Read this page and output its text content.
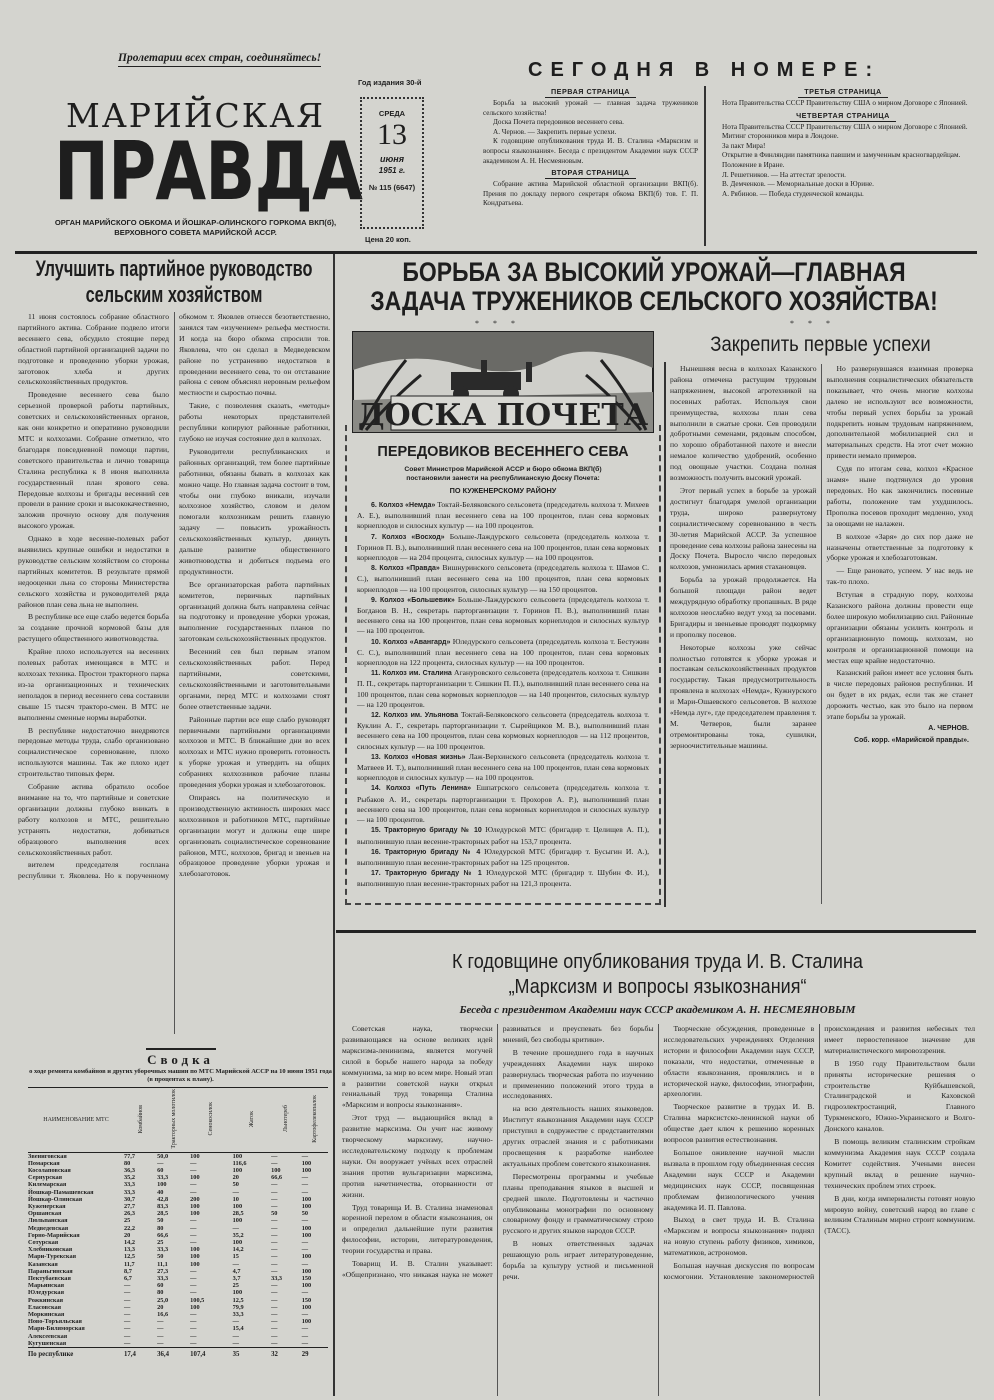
Пролетарии всех стран, соединяйтесь!
МАРИЙСКАЯ
ПРАВДА
ОРГАН МАРИЙСКОГО ОБКОМА И ЙОШКАР-ОЛИНСКОГО ГОРКОМА ВКП(б),
ВЕРХОВНОГО СОВЕТА МАРИЙСКОЙ АССР.
Год издания 30-й
СРЕДА
13
июня
1951 г.
№ 115 (6647)
Цена 20 коп.
СЕГОДНЯ В НОМЕРЕ:
ПЕРВАЯ СТРАНИЦА

Борьба за высокий урожай — главная задача тружеников сельского хозяйства!

Доска Почета передовиков весеннего сева.

А. Чернов. — Закрепить первые успехи.

К годовщине опубликования труда И. В. Сталина «Марксизм и вопросы языкознания». Беседа с президентом Академии наук СССР академиком А. Н. Несмеяновым.

ВТОРАЯ СТРАНИЦА

Собрание актива Марийской областной организации ВКП(б). Прения по докладу первого секретаря обкома ВКП(б) тов. Г. П. Кондратьева.

ТРЕТЬЯ СТРАНИЦА

Нота Правительства СССР Правительству США о мирном Договоре с Японией.

ЧЕТВЕРТАЯ СТРАНИЦА

Нота Правительства СССР Правительству США о мирном Договоре с Японией.

Митинг сторонников мира в Лондоне.

За пакт Мира!

Открытие в Финляндии памятника павшим и замученным красногвардейцам.

Положение в Иране.

Л. Решетников. — На аттестат зрелости.

В. Демченков. — Мемориальные доски в Юрине.

А. Рябинов. — Победа студенческой команды.

Улучшить партийное руководство сельским хозяйством

11 июня состоялось собрание областного партийного актива. Собрание подвело итоги весеннего сева, обсудило стоящие перед областной партийной организацией задачи по подготовке и проведению уборки урожая, заготовок хлеба и других сельскохозяйственных продуктов.

Проведение весеннего сева было серьезной проверкой работы партийных, советских и сельскохозяйственных органов, как они конкретно и оперативно руководили МТС и колхозами. Собрание отметило, что благодаря повседневной помощи партии, советского правительства и лично товарища Сталина республика к 8 июня выполнила государственный план ярового сева. Передовые колхозы и бригады весенний сев провели в ранние сроки и высококачественно, заложив прочную основу для получения высокого урожая.

Однако в ходе весенне-полевых работ выявились крупные ошибки и недостатки в руководстве сельским хозяйством со стороны партийных комитетов. В результате прямой недооценки льна со стороны Министерства сельского хозяйства и руководителей ряда районов план сева льна не выполнен.

В республике все еще слабо ведется борьба за создание прочной кормовой базы для растущего общественного животноводства.

Крайне плохо используется на весенних полевых работах имеющаяся в МТС и колхозах техника. Простои тракторного парка из-за организационных и технических неполадок в период весеннего сева составили свыше 15 тысяч тракторо-смен. В МТС не выполнены сменные нормы выработки.

В республике недостаточно внедряются передовые методы труда, слабо организовано социалистическое соревнование, плохо используются машины. Так же плохо идет строительство типовых ферм.

Собрание актива обратило особое внимание на то, что партийные и советские организации должны глубоко вникать в работу колхозов и МТС, решительно устранять недостатки, добиваться образцового выполнения всех сельскохозяйственных работ.

вителем председателя госплана республики т. Яковлева. Но к порученному обкомом т. Яковлев отнесся безответственно, занялся там «изучением» рельефа местности. И когда на бюро обкома спросили тов. Яковлева, что он сделал в Медведевском районе по устранению недостатков в проведении весеннего сева, то он отставание района с севом объяснял неровным рельефом местности и сыростью почвы.

Такие, с позволения сказать, «методы» работы некоторых представителей республики копируют районные работники, глубоко не изучая состояние дел в колхозах.

Руководители республиканских и районных организаций, тем более партийные работники, обязаны бывать в колхозах как можно чаще. Но главная задача состоит в том, чтобы они глубоко вникали, изучали колхозное хозяйство, словом и делом помогали колхозникам решить главную задачу — повысить урожайность сельскохозяйственных культур, двинуть дальше развитие общественного животноводства и добиться подъема его продуктивности.

Все организаторская работа партийных комитетов, первичных партийных организаций должна быть направлена сейчас на подготовку и проведение уборки урожая, выполнение государственных планов по заготовкам сельскохозяйственных продуктов.

Весенний сев был первым этапом сельскохозяйственных работ. Перед партийными, советскими, сельскохозяйственными и заготовительными органами, перед МТС и колхозами стоят более ответственные задачи.

Районные партии все еще слабо руководят первичными партийными организациями колхозов и МТС. В ближайшие дни во всех колхозах и МТС нужно проверить готовность к уборке урожая и утвердить на общих собраниях колхозников рабочие планы проведения уборки урожая и хлебозаготовок.

Опираясь на политическую и производственную активность широких масс колхозников и работников МТС, партийные организации могут и должны еще шире организовать социалистическое соревнование районов, МТС, колхозов, бригад и звеньев на образцовое проведение уборки урожая и хлебозаготовок.

Сводка
о ходе ремонта комбайнов и других уборочных машин по МТС Марийской АССР на 10 июня 1951 года (в процентах к плану).
НАИМЕНОВАНИЕ МТС	Комбайнов	Тракторных молотилок	Сенокосилок	Жаток	Льнотереб	Картофелекопалок
Звениговская	77,7	50,0	100	100	—	—
Помарская	80	—	—	116,6	—	100
Косолаповская	36,3	60	—	100	100	100
Сернурская	35,2	33,3	100	20	66,6	—
Килемарская	33,3	100	—	50	—	—
Йошкар-Памашевская	33,3	40	—	—	—	—
Йошкар-Олинская	30,7	42,8	200	10	—	100
Куженерская	27,7	83,3	100	100	—	100
Оршанская	26,3	28,5	100	28,5	50	50
Люльпанская	25	50	—	100	—	—
Медведевская	22,2	80	—	—	—	100
Горно-Марийская	20	66,6	—	35,2	—	100
Сотурская	14,2	25	—	100	—	—
Хлебниковская	13,3	33,3	100	14,2	—	—
Мари-Турекская	12,5	50	100	15	—	100
Казанская	11,7	11,1	100	—	—	—
Параньгинская	8,7	27,3	—	4,7	—	100
Пектубаевская	6,7	33,3	—	3,7	33,3	150
Марьинская	—	60	—	25	—	100
Юледурская	—	80	—	100	—	—
Рожкинская	—	25,0	100,5	12,5	—	150
Еласовская	—	20	100	79,9	—	100
Моркинская	—	16,6	—	33,3	—	—
Ново-Торъяльская	—	—	—	—	—	100
Мари-Биляморская	—	—	—	15,4	—	—
Алексеевская	—	—	—	—	—	—
Кугушенская	—	—	—	—	—	—
По республике	17,4	36,4	107,4	35	32	29
БОРЬБА ЗА ВЫСОКИЙ УРОЖАЙ—ГЛАВНАЯ
ЗАДАЧА ТРУЖЕНИКОВ СЕЛЬСКОГО ХОЗЯЙСТВА!
* * *	* * *
ДОСКА ПОЧЕТА
ПЕРЕДОВИКОВ ВЕСЕННЕГО СЕВА
Совет Министров Марийской АССР и бюро обкома ВКП(б)
постановили занести на республиканскую Доску Почета:
ПО КУЖЕНЕРСКОМУ РАЙОНУ

6. Колхоз «Немда» Токтай-Беляковского сельсовета (председатель колхоза т. Михеев А. Е.), выполнивший план весеннего сева на 100 процентов, план сева кормовых корнеплодов и силосных культур — на 100 процентов.

7. Колхоз «Восход» Больше-Лаждурского сельсовета (председатель колхоза т. Горинов П. В.), выполнивший план весеннего сева на 100 процентов, план сева кормовых корнеплодов — на 204 процента, силосных культур — на 100 процентов.

8. Колхоз «Правда» Вишнуринского сельсовета (председатель колхоза т. Шамов С. С.), выполнивший план весеннего сева на 100 процентов, план сева кормовых корнеплодов — на 100 процентов, силосных культур — на 150 процентов.

9. Колхоз «Большевик» Больше-Лаждурского сельсовета (председатель колхоза т. Богданов В. Н., секретарь парторганизации т. Горинов П. В.), выполнивший план весеннего сева на 100 процентов, план сева кормовых корнеплодов и силосных культур — на 100 процентов.

10. Колхоз «Авангард» Юледурского сельсовета (председатель колхоза т. Бестужин С. С.), выполнивший план весеннего сева на 100 процентов, план сева кормовых корнеплодов на 122 процента, силосных культур — на 100 процентов.

11. Колхоз им. Сталина Агануровского сельсовета (председатель колхоза т. Сишкин П. П., секретарь парторганизации т. Сишкин П. П.), выполнивший план весеннего сева на 100 процентов, план сева кормовых корнеплодов — на 140 процентов, силосных культур — на 120 процентов.

12. Колхоз им. Ульянова Токтай-Беляковского сельсовета (председатель колхоза т. Куклин А. Г., секретарь парторганизации т. Сырейщиков М. В.), выполнивший план весеннего сева на 100 процентов, план сева кормовых корнеплодов — на 112 процентов, силосных культур — на 100 процентов.

13. Колхоз «Новая жизнь» Лаж-Верхинского сельсовета (председатель колхоза т. Матвеев И. Т.), выполнивший план весеннего сева на 100 процентов, план сева кормовых корнеплодов и силосных культур — на 100 процентов.

14. Колхоз «Путь Ленина» Ешпатрского сельсовета (председатель колхоза т. Рыбаков А. И., секретарь парторганизации т. Прохоров А. Р.), выполнивший план весеннего сева на 100 процентов, план сева кормовых корнеплодов и силосных культур — на 100 процентов.

15. Тракторную бригаду № 10 Юледурской МТС (бригадир т. Целищев А. П.), выполнившую план весенне-тракторных работ на 153,7 процента.

16. Тракторную бригаду № 4 Юледурской МТС (бригадир т. Бусыгин И. А.), выполнившую план весенне-тракторных работ на 125 процентов.

17. Тракторную бригаду № 1 Юледурской МТС (бригадир т. Шубин Ф. И.), выполнившую план весенне-тракторных работ на 121,3 процента.

Закрепить первые успехи

Нынешняя весна в колхозах Казанского района отмечена растущим трудовым напряжением, высокой агротехникой на посевных работах. Используя свои преимущества, колхозы план сева выполнили в сжатые сроки. Сев проводили добротными семенами, рядовым способом, по хорошо обработанной пахоте и внесли немалое количество удобрений, особенно под овощные участки. Создана полная возможность получить высокий урожай.

Этот первый успех в борьбе за урожай достигнут благодаря умелой организации труда, широко развернутому социалистическому соревнованию в честь 30-летия Марийской АССР. За успешное проведение сева колхозы района занесены на Доску Почета. Выросло число передовых колхозов, умножилась армия стахановцев.

Борьба за урожай продолжается. На большой площади район ведет междурядную обработку пропашных. В ряде колхозов неослабно ведут уход за посевами. Бригадиры и звеньевые проводят подкормку и прополку посевов.

Некоторые колхозы уже сейчас полностью готовятся к уборке урожая и поставкам сельскохозяйственных продуктов государству. Такая предусмотрительность проявлена в колхозах «Немда», Кужнурского и Мари-Ошаевского сельсоветов. В колхозе «Немда луг», где председателем правления т. М. Четверов, были заранее отремонтированы тока, сушилки, зерноочистительные машины.

Но развернувшаяся взаимная проверка выполнения социалистических обязательств показывает, что очень многие колхозы далеко не используют все возможности, чтобы первый успех борьбы за урожай подкрепить новым трудовым напряжением, дополнительной мобилизацией сил и материальных средств. На этот счет можно привести немало примеров.

Судя по итогам сева, колхоз «Красное знамя» ныне подтянулся до уровня передовых. Но как закончились посевные работы, положение там ухудшилось. Прополка посевов проходит медленно, уход за овощами не налажен.

В колхозе «Заря» до сих пор даже не назначены ответственные за подготовку к уборке урожая и хлебозаготовкам.

— Еще рановато, успеем. У нас ведь не так-то плохо.

Вступая в страдную пору, колхозы Казанского района должны провести еще более широкую мобилизацию сил. Районные организации обязаны усилить контроль и организационную помощь колхозам, но контроля и организационной помощи на местах еще крайне недостаточно.

Казанский район имеет все условия быть в числе передовых районов республики. И он будет в их рядах, если так же станет дорожить честью, как это было на первом этапе борьбы за урожай.

А. ЧЕРНОВ.
Соб. корр. «Марийской правды».
К годовщине опубликования труда И. В. Сталина
„Марксизм и вопросы языкознания“
Беседа с президентом Академии наук СССР академиком А. Н. НЕСМЕЯНОВЫМ

Советская наука, творчески развивающаяся на основе великих идей марксизма-ленинизма, является могучей силой в борьбе нашего народа за победу коммунизма, за мир во всем мире. Новый этап в развитии советской науки открыл гениальный труд товарища Сталина «Марксизм и вопросы языкознания».

Этот труд — выдающийся вклад в развитие марксизма. Он учит нас живому творческому марксизму, научно-исследовательскому подходу к проблемам науки. Он вооружает учёных всех отраслей знания против вульгаризации марксизма, против начетничества, оторванности от жизни.

Труд товарища И. В. Сталина знаменовал коренной перелом в области языкознания, он и определил дальнейшие пути развития философии, истории, литературоведения, теории государства и права.

Товарищ И. В. Сталин указывает: «Общепризнано, что никакая наука не может развиваться и преуспевать без борьбы мнений, без свободы критики».

В течение прошедшего года в научных учреждениях Академии наук широко развернулась творческая работа по изучению и применению положений этого труда в исследованиях.

на всю деятельность наших языковедов. Институт языкознания Академии наук СССР приступил в содружестве с представителями других отраслей знания и с работниками просвещения к разработке наиболее актуальных проблем советского языкознания.

Пересмотрены программы и учебные планы преподавания языков в высшей и средней школе. Подготовлены и частично опубликованы монографии по основному словарному фонду и грамматическому строю русского и других языков народов СССР.

В новых ответственных задачах решающую роль играет литературоведение, борьба за культуру устной и письменной речи.

Творческие обсуждения, проведенные в исследовательских учреждениях Отделения истории и философии Академии наук СССР, показали, что недостатки, отмеченные в области языкознания, проявлялись и в исторической науке, философии, этнографии, археологии.

Творческое развитие в трудах И. В. Сталина марксистско-ленинской науки об обществе дает ключ к решению коренных вопросов развития естествознания.

Большое оживление научной мысли вызвала в прошлом году объединенная сессия Академии наук СССР и Академии медицинских наук СССР, посвященная проблемам физиологического учения академика И. П. Павлова.

Выход в свет труда И. В. Сталина «Марксизм и вопросы языкознания» поднял на новую ступень работу физиков, химиков, математиков, астрономов.

Большая научная дискуссия по вопросам космогонии. Установление закономерностей происхождения и развития небесных тел имеет первостепенное значение для материалистического мировоззрения.

В 1950 году Правительством были приняты исторические решения о строительстве Куйбышевской, Сталинградской и Каховской гидроэлектростанций, Главного Туркменского, Южно-Украинского и Волго-Донского каналов.

В помощь великим сталинским стройкам коммунизма Академия наук СССР создала Комитет содействия. Учеными внесен крупный вклад в решение научно-технических проблем этих строек.

В дни, когда империалисты готовят новую мировую войну, советский народ во главе с великим Сталиным мирно строит коммунизм. (ТАСС).
